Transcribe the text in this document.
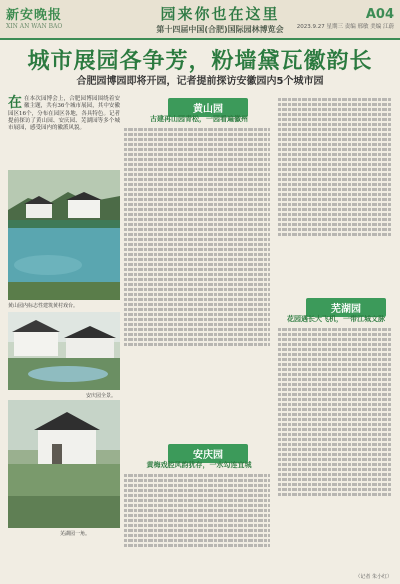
新安晚报
XIN AN WAN BAO
园来你也在这里
第十四届中国(合肥)国际园林博览会
A04
2023.9.27 星期三 责编 邢敏 美编 江蔚
城市展园各争芳，粉墙黛瓦徽韵长
合肥园博园即将开园，记者提前探访安徽园内5个城市园
在 在本次园博会上，合肥园博园围绕着安徽主题，共有36个城市展园，其中安徽园区16个，分布在园区各地，各具特色。记者提前探访了黄山园、安庆园、芜湖园等多个城市展园，感受园内的徽派风貌。
黄山园内标志性建筑黄村戏台。
安庆园全景。
芜湖园一角。
黄山园
古建再山园青松，一园看遍徽州
安庆园
黄梅戏腔风韵犹存，一水勾连宜城
芜湖园
花园遇长大飞机，一带江城文脉
（记者 朱小红）
